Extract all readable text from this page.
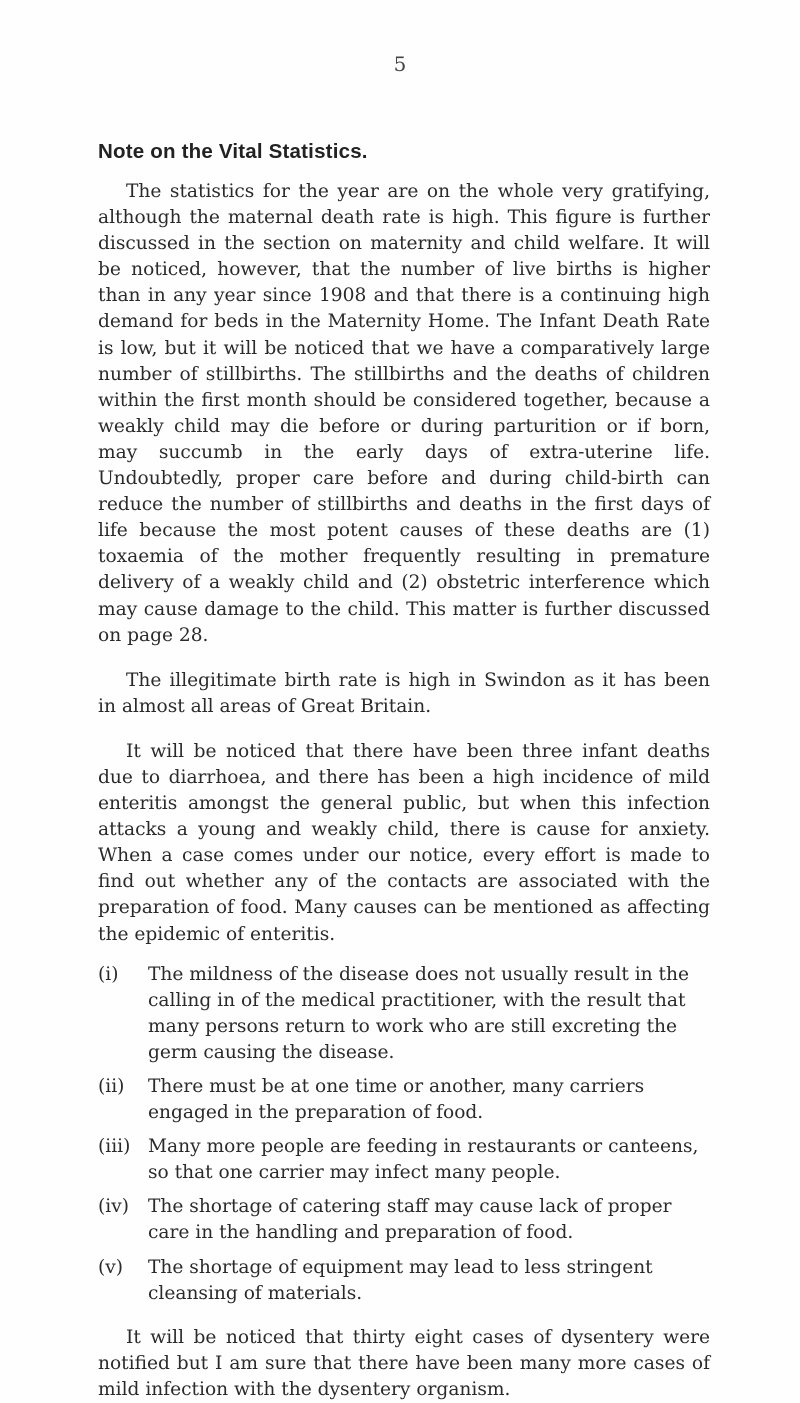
5
Note on the Vital Statistics.

The statistics for the year are on the whole very gratifying, although the maternal death rate is high. This figure is further discussed in the section on maternity and child welfare. It will be noticed, however, that the number of live births is higher than in any year since 1908 and that there is a continuing high demand for beds in the Maternity Home. The Infant Death Rate is low, but it will be noticed that we have a comparatively large number of stillbirths. The stillbirths and the deaths of children within the first month should be considered together, because a weakly child may die before or during parturition or if born, may succumb in the early days of extra-uterine life. Undoubtedly, proper care before and during child-birth can reduce the number of stillbirths and deaths in the first days of life because the most potent causes of these deaths are (1) toxaemia of the mother frequently resulting in premature delivery of a weakly child and (2) obstetric interference which may cause damage to the child. This matter is further discussed on page 28.

The illegitimate birth rate is high in Swindon as it has been in almost all areas of Great Britain.

It will be noticed that there have been three infant deaths due to diarrhoea, and there has been a high incidence of mild enteritis amongst the general public, but when this infection attacks a young and weakly child, there is cause for anxiety. When a case comes under our notice, every effort is made to find out whether any of the contacts are associated with the preparation of food. Many causes can be mentioned as affecting the epidemic of enteritis.

(i) The mildness of the disease does not usually result in the calling in of the medical practitioner, with the result that many persons return to work who are still excreting the germ causing the disease.
(ii) There must be at one time or another, many carriers engaged in the preparation of food.
(iii) Many more people are feeding in restaurants or canteens, so that one carrier may infect many people.
(iv) The shortage of catering staff may cause lack of proper care in the handling and preparation of food.
(v) The shortage of equipment may lead to less stringent cleansing of materials.

It will be noticed that thirty eight cases of dysentery were notified but I am sure that there have been many more cases of mild infection with the dysentery organism.
